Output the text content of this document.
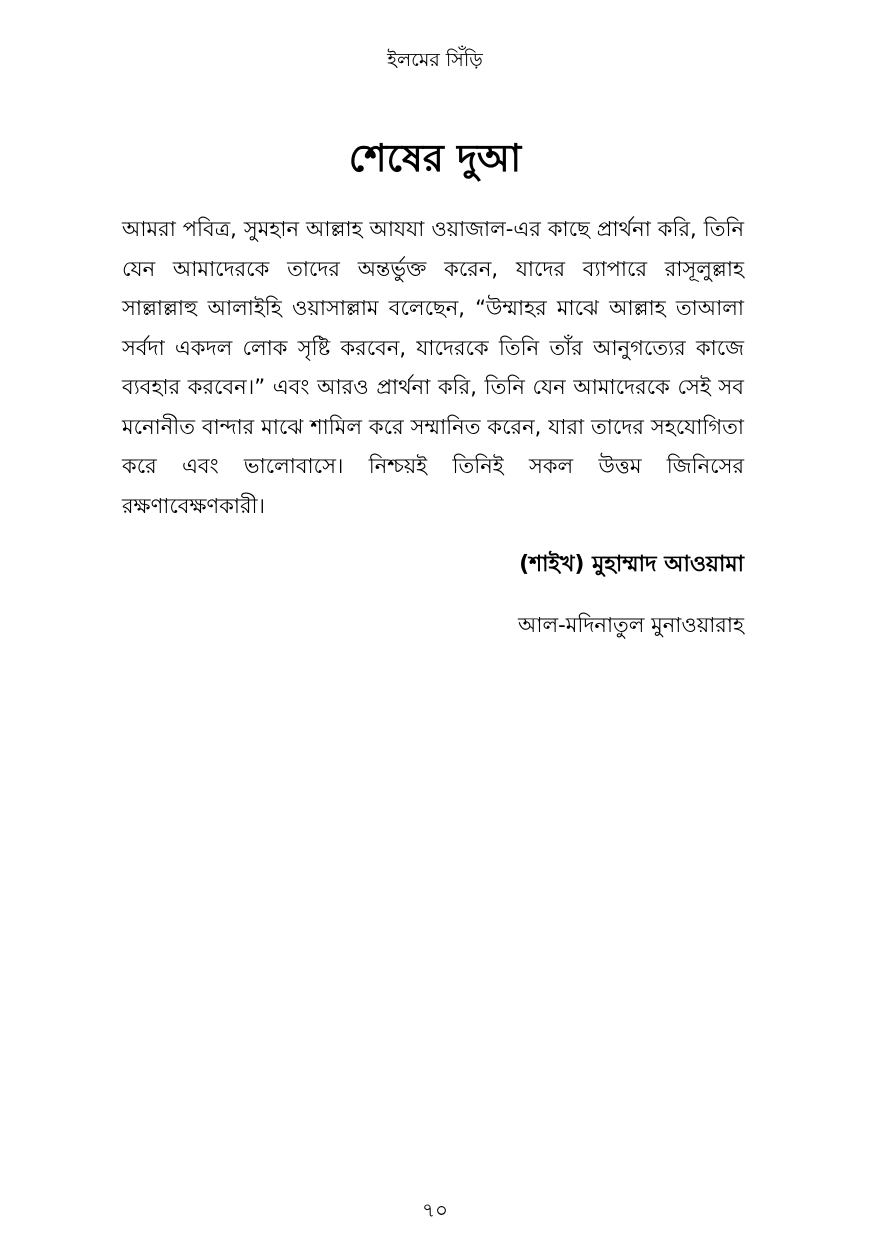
ইলমের সিঁড়ি
শেষের দুআ

আমরা পবিত্র, সুমহান আল্লাহ আযযা ওয়াজাল-এর কাছে প্রার্থনা করি, তিনি যেন আমাদেরকে তাদের অন্তর্ভুক্ত করেন, যাদের ব্যাপারে রাসূলুল্লাহ সাল্লাল্লাহু আলাইহি ওয়াসাল্লাম বলেছেন, “উম্মাহর মাঝে আল্লাহ তাআলা সর্বদা একদল লোক সৃষ্টি করবেন, যাদেরকে তিনি তাঁর আনুগত্যের কাজে ব্যবহার করবেন।” এবং আরও প্রার্থনা করি, তিনি যেন আমাদেরকে সেই সব মনোনীত বান্দার মাঝে শামিল করে সম্মানিত করেন, যারা তাদের সহযোগিতা করে এবং ভালোবাসে। নিশ্চয়ই তিনিই সকল উত্তম জিনিসের রক্ষণাবেক্ষণকারী।

(শাইখ) মুহাম্মাদ আওয়ামা
আল-মদিনাতুল মুনাওয়ারাহ
৭০
